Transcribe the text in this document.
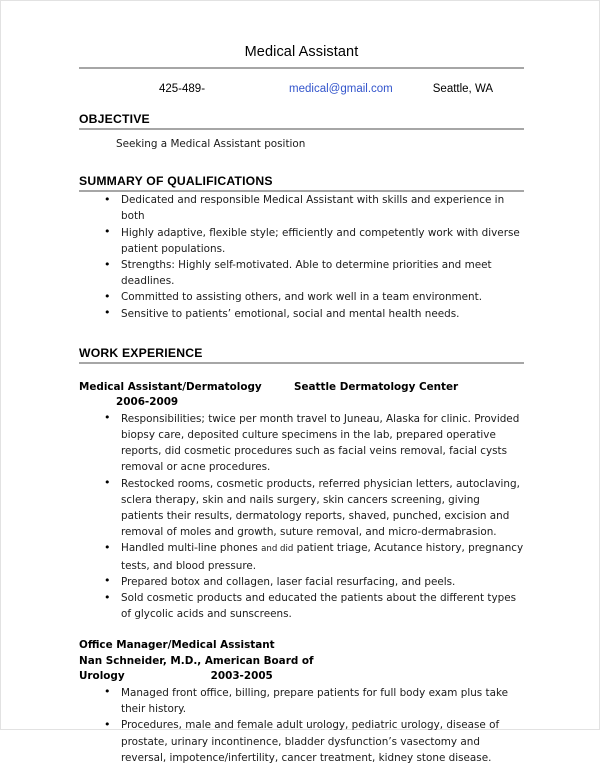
Medical Assistant
425-489-	medical@gmail.com	Seattle, WA
OBJECTIVE
Seeking a Medical Assistant position
SUMMARY OF QUALIFICATIONS
• Dedicated and responsible Medical Assistant with skills and experience in both
• Highly adaptive, flexible style; efficiently and competently work with diverse patient populations.
• Strengths: Highly self-motivated. Able to determine priorities and meet deadlines.
• Committed to assisting others, and work well in a team environment.
• Sensitive to patients’ emotional, social and mental health needs.
WORK EXPERIENCE
Medical Assistant/Dermatology	Seattle Dermatology Center
2006-2009
• Responsibilities; twice per month travel to Juneau, Alaska for clinic. Provided biopsy care, deposited culture specimens in the lab, prepared operative reports, did cosmetic procedures such as facial veins removal, facial cysts removal or acne procedures.
• Restocked rooms, cosmetic products, referred physician letters, autoclaving, sclera therapy, skin and nails surgery, skin cancers screening, giving patients their results, dermatology reports, shaved, punched, excision and removal of moles and growth, suture removal, and micro-dermabrasion.
• Handled multi-line phones and did patient triage, Acutance history, pregnancy tests, and blood pressure.
• Prepared botox and collagen, laser facial resurfacing, and peels.
• Sold cosmetic products and educated the patients about the different types of glycolic acids and sunscreens.
Office Manager/Medical AssistantNan Schneider, M.D., American Board of
Urology	2003-2005
• Managed front office, billing, prepare patients for full body exam plus take their history.
• Procedures, male and female adult urology, pediatric urology, disease of prostate, urinary incontinence, bladder dysfunction’s vasectomy and reversal, impotence/infertility, cancer treatment, kidney stone disease.
